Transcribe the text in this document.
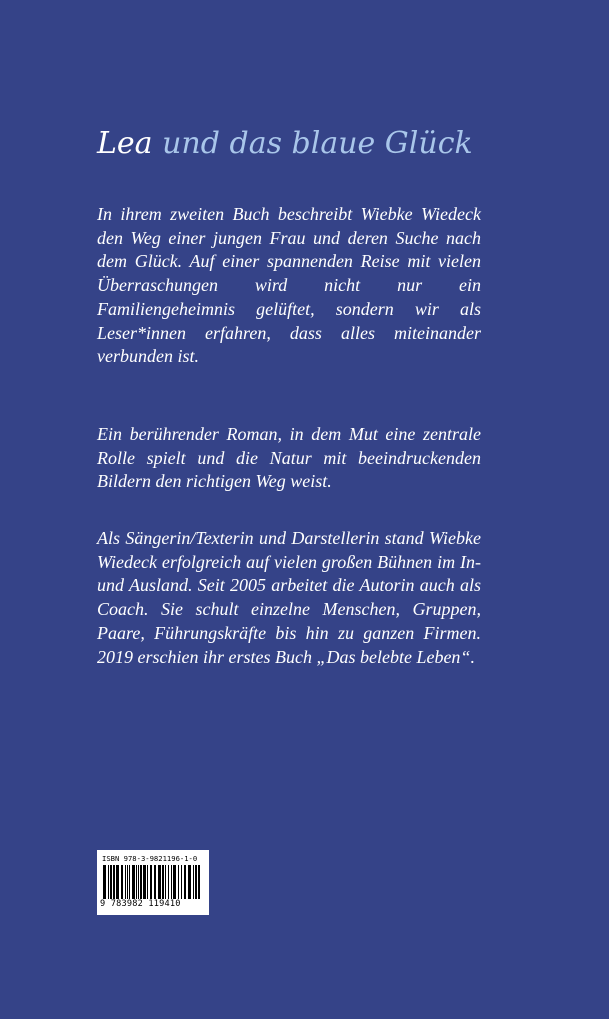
Lea und das blaue Glück

In ihrem zweiten Buch beschreibt Wiebke Wiedeck den Weg einer jungen Frau und deren Suche nach dem Glück. Auf einer spannenden Reise mit vielen Überraschungen wird nicht nur ein Familiengeheimnis gelüftet, sondern wir als Leser*innen erfahren, dass alles miteinander verbunden ist.

Ein berührender Roman, in dem Mut eine zentrale Rolle spielt und die Natur mit beeindruckenden Bildern den richtigen Weg weist.

Als Sängerin/Texterin und Darstellerin stand Wiebke Wiedeck erfolgreich auf vielen großen Bühnen im In- und Ausland. Seit 2005 arbeitet die Autorin auch als Coach. Sie schult einzelne Menschen, Gruppen, Paare, Führungskräfte bis hin zu ganzen Firmen. 2019 erschien ihr erstes Buch „Das belebte Leben“.

ISBN 978-3-9821196-1-0
9 783982 119410
